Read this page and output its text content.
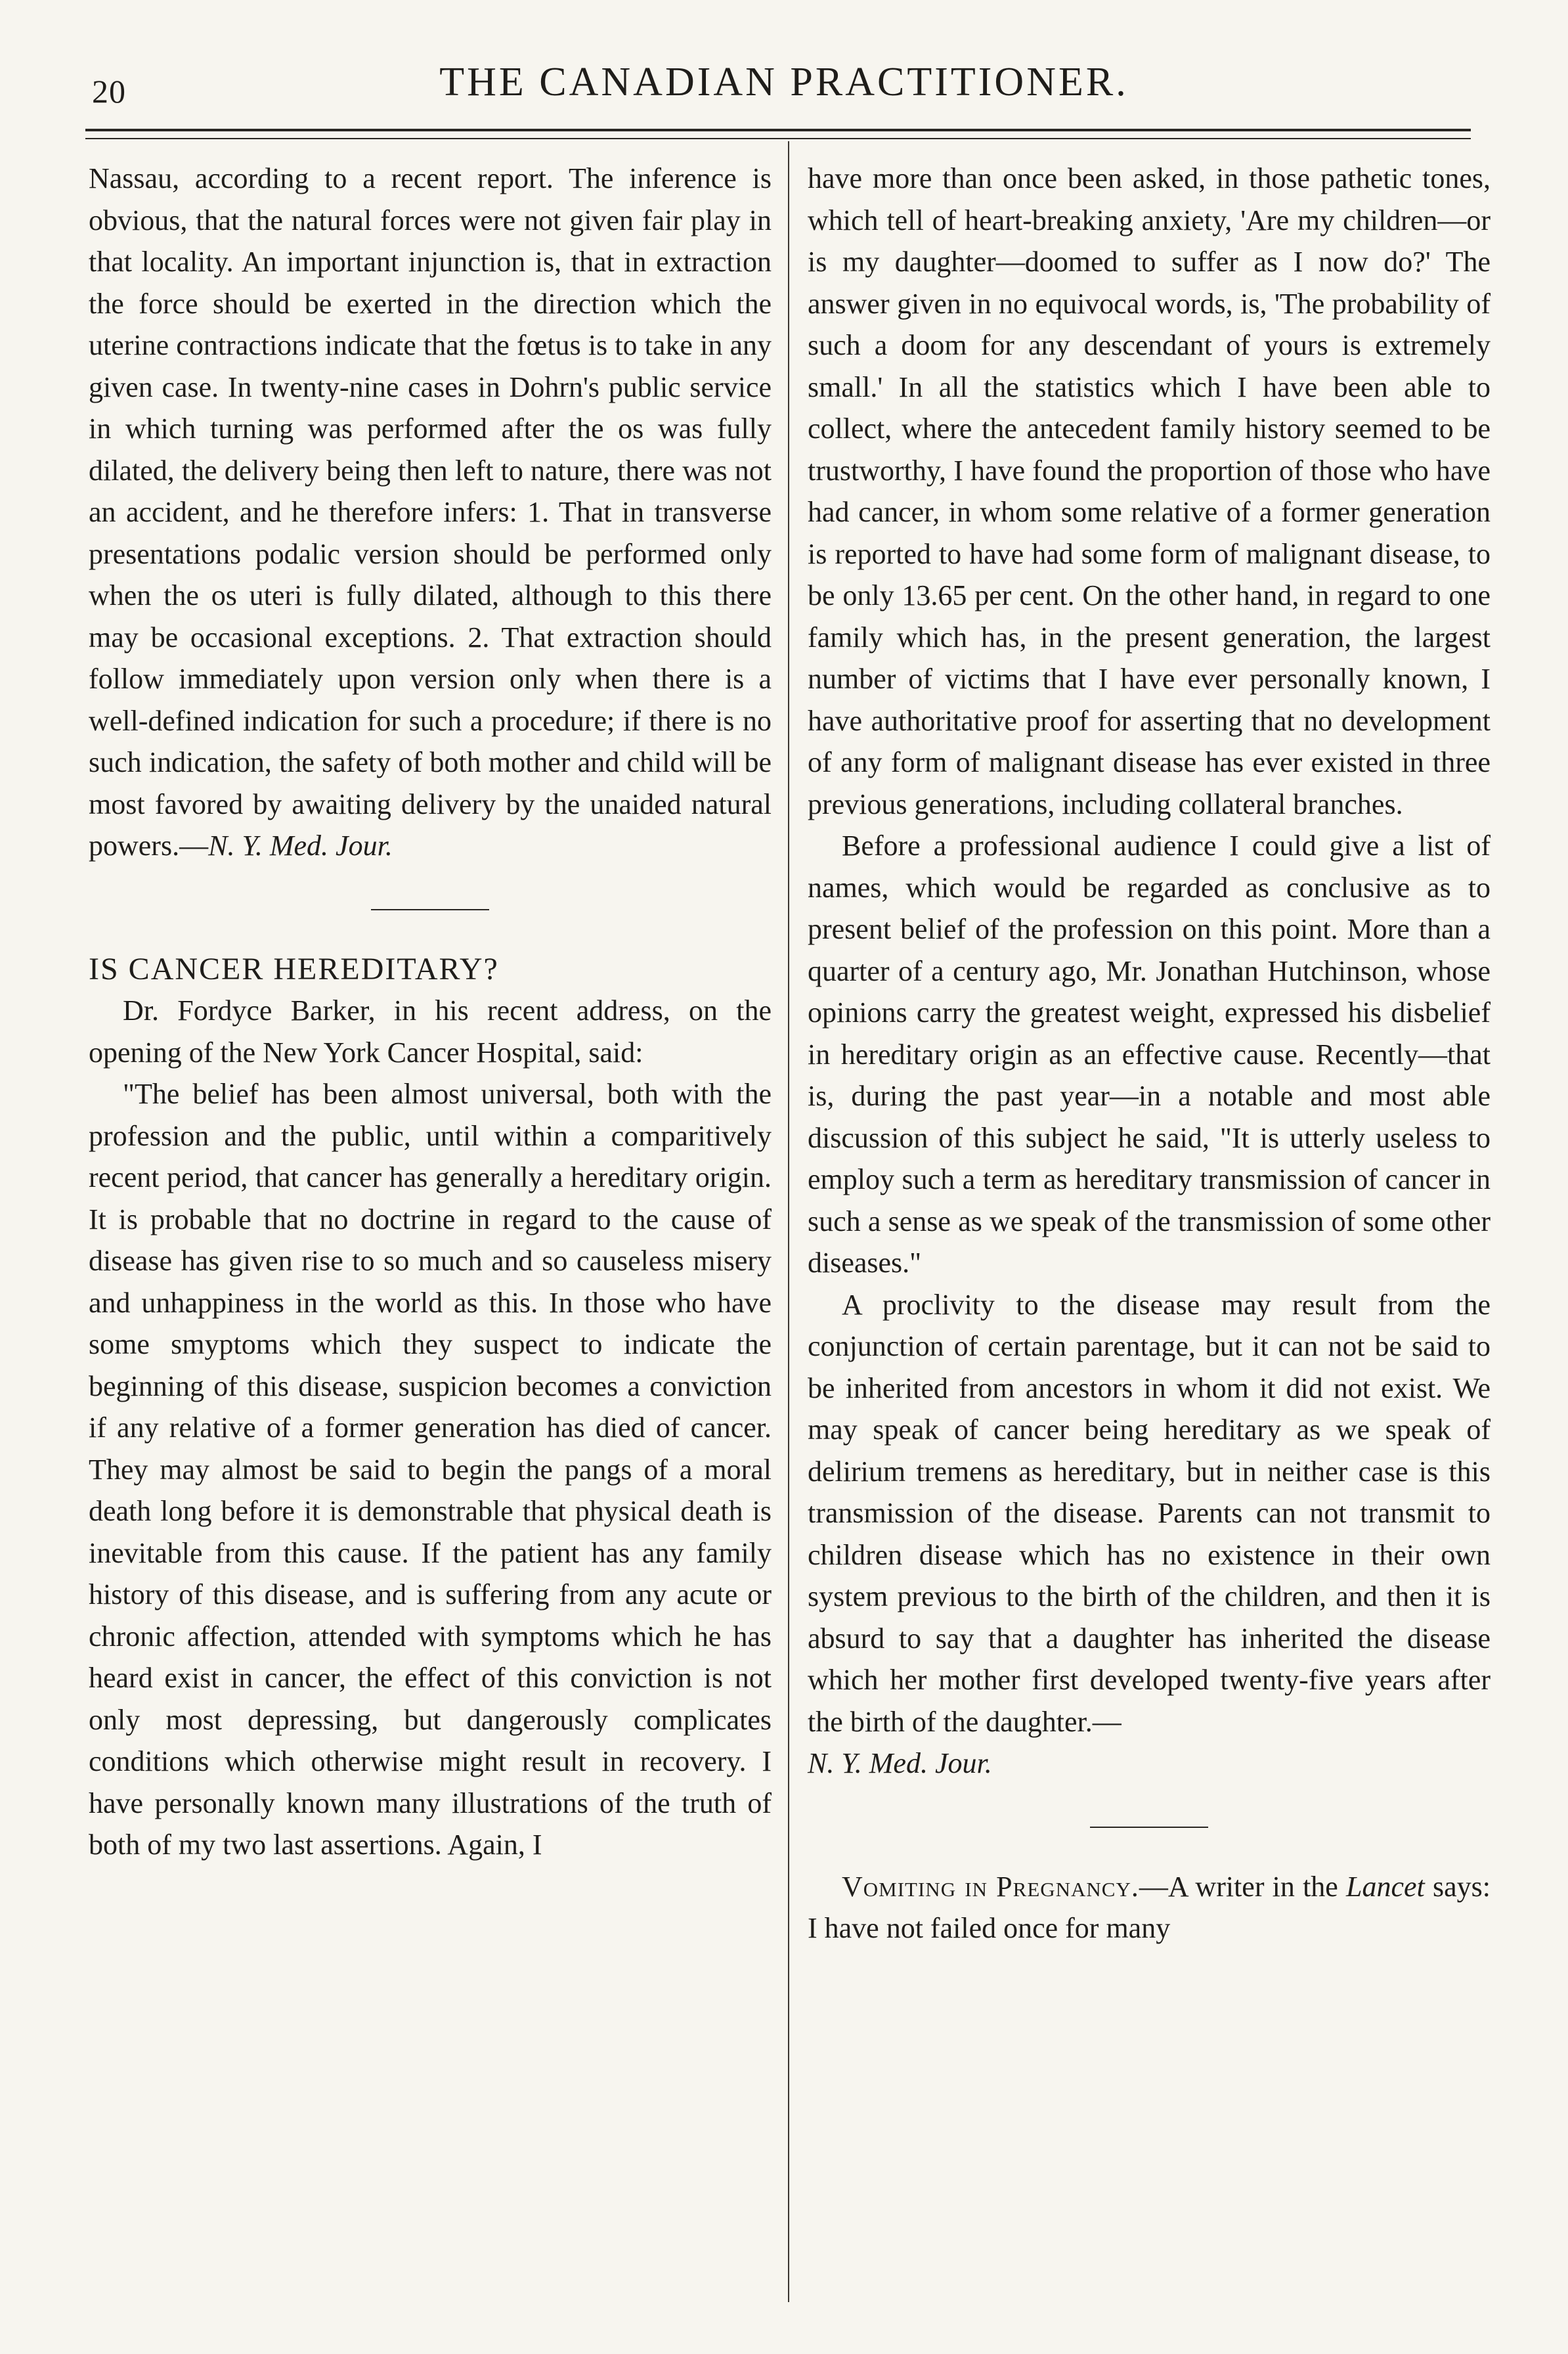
20	THE CANADIAN PRACTITIONER.

Nassau, according to a recent report. The inference is obvious, that the natural forces were not given fair play in that locality. An important injunction is, that in extraction the force should be exerted in the direction which the uterine contractions indicate that the fœtus is to take in any given case. In twenty-nine cases in Dohrn's public service in which turning was performed after the os was fully dilated, the delivery being then left to nature, there was not an accident, and he therefore infers: 1. That in transverse presentations podalic version should be performed only when the os uteri is fully dilated, although to this there may be occasional exceptions. 2. That extraction should follow immediately upon version only when there is a well-defined indication for such a procedure; if there is no such indication, the safety of both mother and child will be most favored by awaiting delivery by the unaided natural powers.—N. Y. Med. Jour.

IS CANCER HEREDITARY?

Dr. Fordyce Barker, in his recent address, on the opening of the New York Cancer Hospital, said:

"The belief has been almost universal, both with the profession and the public, until within a comparitively recent period, that cancer has generally a hereditary origin. It is probable that no doctrine in regard to the cause of disease has given rise to so much and so causeless misery and unhappiness in the world as this. In those who have some smyptoms which they suspect to indicate the beginning of this disease, suspicion becomes a conviction if any relative of a former generation has died of cancer. They may almost be said to begin the pangs of a moral death long before it is demonstrable that physical death is inevitable from this cause. If the patient has any family history of this disease, and is suffering from any acute or chronic affection, attended with symptoms which he has heard exist in cancer, the effect of this conviction is not only most depressing, but dangerously complicates conditions which otherwise might result in recovery. I have personally known many illustrations of the truth of both of my two last assertions. Again, I

have more than once been asked, in those pathetic tones, which tell of heart-breaking anxiety, 'Are my children—or is my daughter—doomed to suffer as I now do?' The answer given in no equivocal words, is, 'The probability of such a doom for any descendant of yours is extremely small.' In all the statistics which I have been able to collect, where the antecedent family history seemed to be trustworthy, I have found the proportion of those who have had cancer, in whom some relative of a former generation is reported to have had some form of malignant disease, to be only 13.65 per cent. On the other hand, in regard to one family which has, in the present generation, the largest number of victims that I have ever personally known, I have authoritative proof for asserting that no development of any form of malignant disease has ever existed in three previous generations, including collateral branches.

Before a professional audience I could give a list of names, which would be regarded as conclusive as to present belief of the profession on this point. More than a quarter of a century ago, Mr. Jonathan Hutchinson, whose opinions carry the greatest weight, expressed his disbelief in hereditary origin as an effective cause. Recently—that is, during the past year—in a notable and most able discussion of this subject he said, "It is utterly useless to employ such a term as hereditary transmission of cancer in such a sense as we speak of the transmission of some other diseases."

A proclivity to the disease may result from the conjunction of certain parentage, but it can not be said to be inherited from ancestors in whom it did not exist. We may speak of cancer being hereditary as we speak of delirium tremens as hereditary, but in neither case is this transmission of the disease. Parents can not transmit to children disease which has no existence in their own system previous to the birth of the children, and then it is absurd to say that a daughter has inherited the disease which her mother first developed twenty-five years after the birth of the daughter.—

N. Y. Med. Jour.

Vomiting in Pregnancy.—A writer in the Lancet says: I have not failed once for many
